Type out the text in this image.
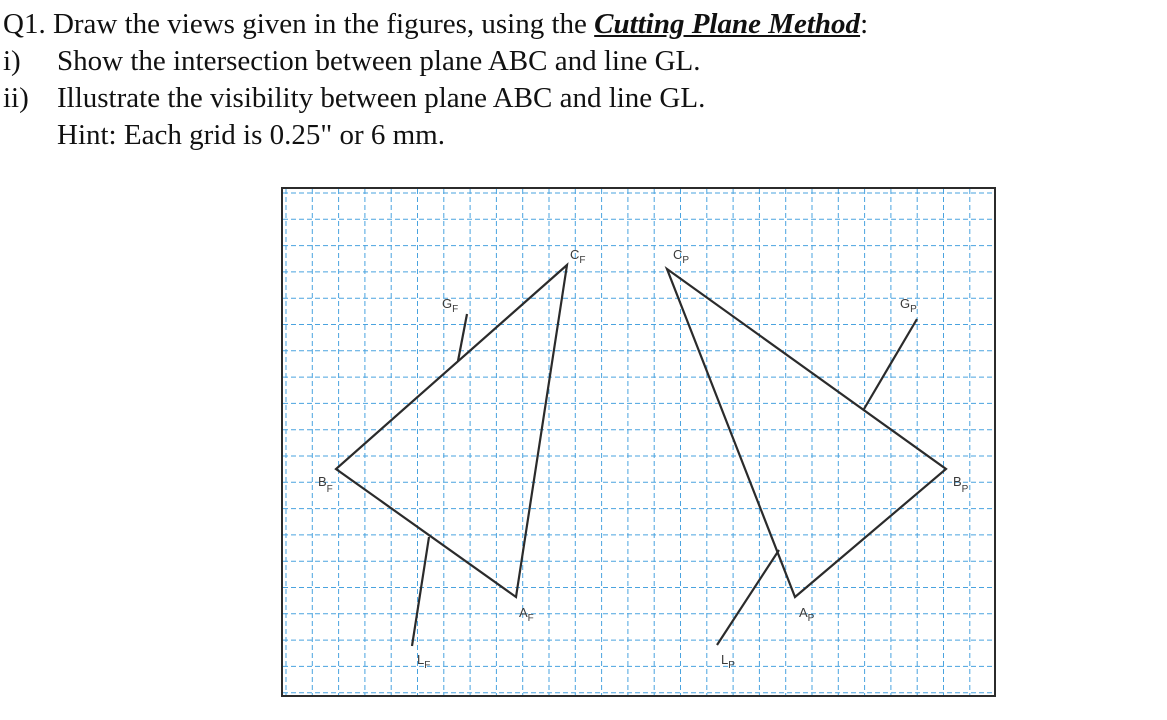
Q1. Draw the views given in the figures, using the Cutting Plane Method:
i) Show the intersection between plane ABC and line GL.
ii) Illustrate the visibility between plane ABC and line GL.
Hint: Each grid is 0.25" or 6 mm.
$C_F$
$G_F$
$B_F$
$A_F$
$L_F$
$C_P$
$G_P$
$B_P$
$A_P$
$L_P$
